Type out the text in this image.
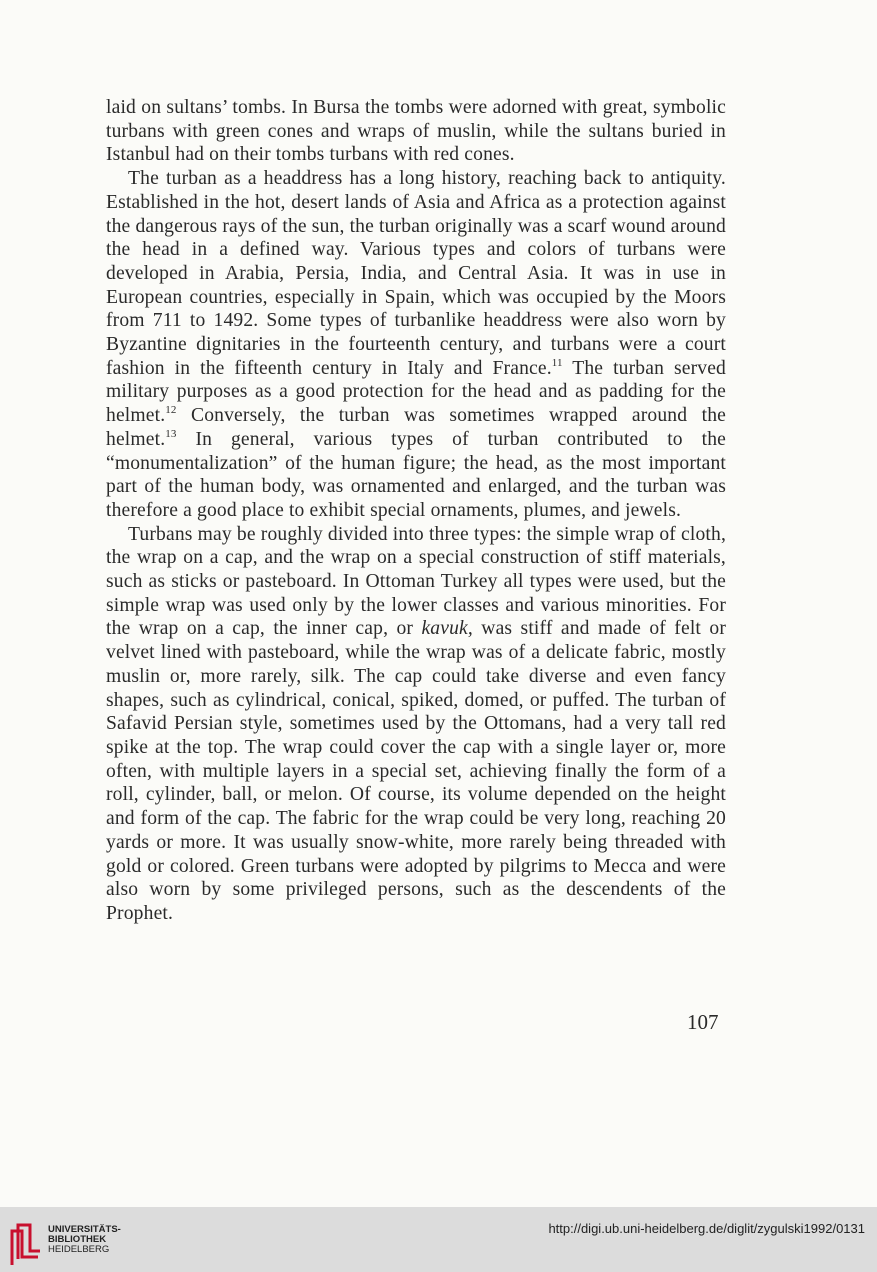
laid on sultans’ tombs. In Bursa the tombs were adorned with great, symbolic turbans with green cones and wraps of muslin, while the sultans buried in Istanbul had on their tombs turbans with red cones.

The turban as a headdress has a long history, reaching back to antiquity. Established in the hot, desert lands of Asia and Africa as a protection against the dangerous rays of the sun, the turban originally was a scarf wound around the head in a defined way. Various types and colors of turbans were developed in Arabia, Persia, India, and Central Asia. It was in use in European countries, especially in Spain, which was occupied by the Moors from 711 to 1492. Some types of turbanlike headdress were also worn by Byzantine dignitaries in the fourteenth century, and turbans were a court fashion in the fifteenth century in Italy and France.$^{11}$ The turban served military purposes as a good protection for the head and as padding for the helmet.$^{12}$ Conversely, the turban was sometimes wrapped around the helmet.$^{13}$ In general, various types of turban contributed to the “monumentalization” of the human figure; the head, as the most important part of the human body, was ornamented and enlarged, and the turban was therefore a good place to exhibit special ornaments, plumes, and jewels.

Turbans may be roughly divided into three types: the simple wrap of cloth, the wrap on a cap, and the wrap on a special construction of stiff materials, such as sticks or pasteboard. In Ottoman Turkey all types were used, but the simple wrap was used only by the lower classes and various minorities. For the wrap on a cap, the inner cap, or kavuk, was stiff and made of felt or velvet lined with pasteboard, while the wrap was of a delicate fabric, mostly muslin or, more rarely, silk. The cap could take diverse and even fancy shapes, such as cylindrical, conical, spiked, domed, or puffed. The turban of Safavid Persian style, sometimes used by the Ottomans, had a very tall red spike at the top. The wrap could cover the cap with a single layer or, more often, with multiple layers in a special set, achieving finally the form of a roll, cylinder, ball, or melon. Of course, its volume depended on the height and form of the cap. The fabric for the wrap could be very long, reaching 20 yards or more. It was usually snow-white, more rarely being threaded with gold or colored. Green turbans were adopted by pilgrims to Mecca and were also worn by some privileged persons, such as the descendents of the Prophet.

107
UNIVERSITÄTS-
BIBLIOTHEK
HEIDELBERG
http://digi.ub.uni-heidelberg.de/diglit/zygulski1992/0131
